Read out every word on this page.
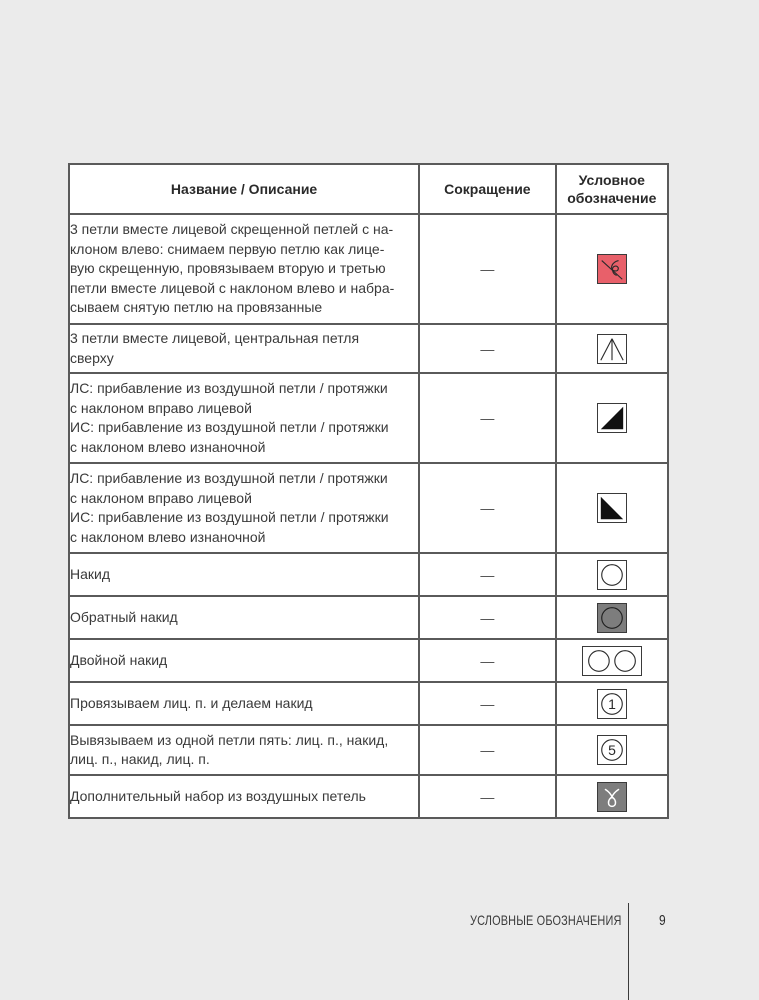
Название / Описание	Сокращение	Условное
обозначение

3 петли вместе лицевой скрещенной петлей с на-
клоном влево: снимаем первую петлю как лице-
вую скрещенную, провязываем вторую и третью
петли вместе лицевой с наклоном влево и набра-
сываем снятую петлю на провязанные	—	

3 петли вместе лицевой, центральная петля
сверху	—	

ЛС: прибавление из воздушной петли / протяжки
с наклоном вправо лицевой
ИС: прибавление из воздушной петли / протяжки
с наклоном влево изнаночной	—	

ЛС: прибавление из воздушной петли / протяжки
с наклоном вправо лицевой
ИС: прибавление из воздушной петли / протяжки
с наклоном влево изнаночной	—	

Накид	—	

Обратный накид	—	

Двойной накид	—	

Провязываем лиц. п. и делаем накид	—	1

Вывязываем из одной петли пять: лиц. п., накид,
лиц. п., накид, лиц. п.	—	5

Дополнительный набор из воздушных петель	—	
УСЛОВНЫЕ ОБОЗНАЧЕНИЯ 9
